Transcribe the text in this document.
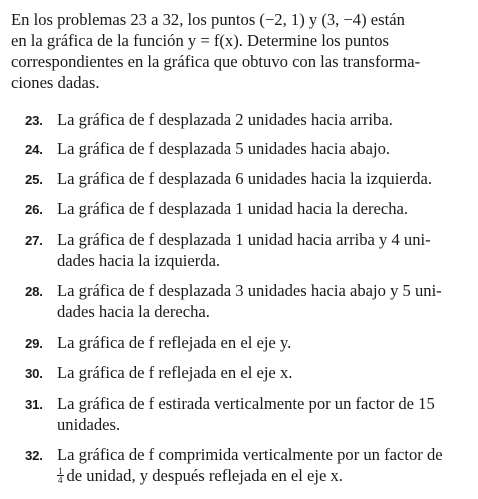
En los problemas 23 a 32, los puntos (−2, 1) y (3, −4) están
en la gráfica de la función y = f(x). Determine los puntos
correspondientes en la gráfica que obtuvo con las transforma-
ciones dadas.

23. La gráfica de f desplazada 2 unidades hacia arriba.
24. La gráfica de f desplazada 5 unidades hacia abajo.
25. La gráfica de f desplazada 6 unidades hacia la izquierda.
26. La gráfica de f desplazada 1 unidad hacia la derecha.
27. La gráfica de f desplazada 1 unidad hacia arriba y 4 uni-
dades hacia la izquierda.
28. La gráfica de f desplazada 3 unidades hacia abajo y 5 uni-
dades hacia la derecha.
29. La gráfica de f reflejada en el eje y.
30. La gráfica de f reflejada en el eje x.
31. La gráfica de f estirada verticalmente por un factor de 15
unidades.
32. La gráfica de f comprimida verticalmente por un factor de
$\frac{1}{4}$ de unidad, y después reflejada en el eje x.
